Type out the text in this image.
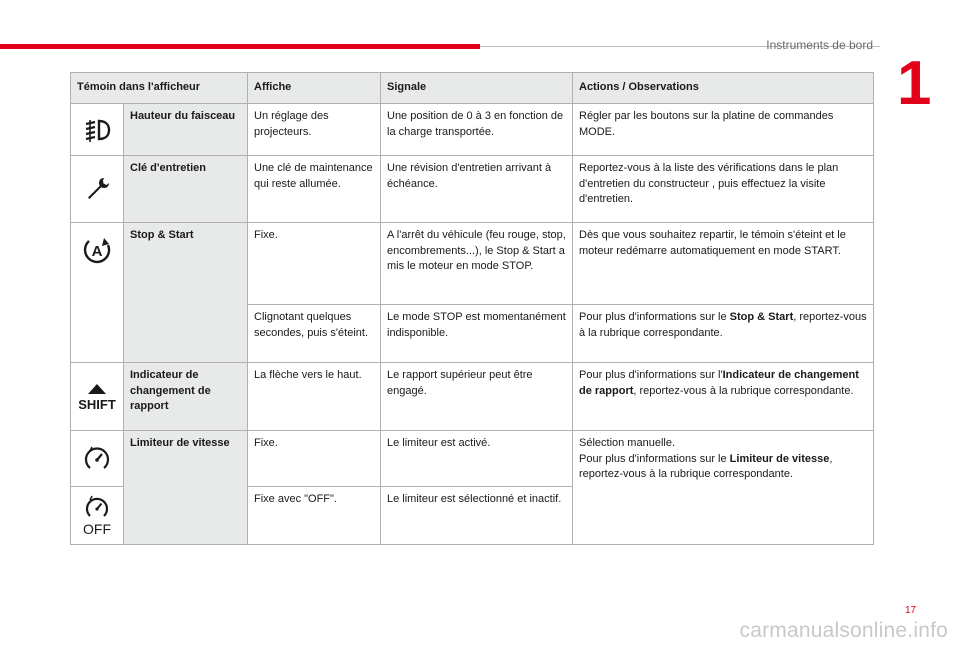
Instruments de bord
1
Témoin dans l'afficheur		Affiche	Signale	Actions / Observations

	Hauteur du faisceau	Un réglage des projecteurs.	Une position de 0 à 3 en fonction de la charge transportée.	Régler par les boutons sur la platine de commandes MODE.

	Clé d'entretien	Une clé de maintenance qui reste allumée.	Une révision d'entretien arrivant à échéance.	Reportez-vous à la liste des vérifications dans le plan d'entretien du constructeur , puis effectuez la visite d'entretien.

A	Stop & Start	Fixe.	A l'arrêt du véhicule (feu rouge, stop, encombrements...), le Stop & Start a mis le moteur en mode STOP.	Dès que vous souhaitez repartir, le témoin s'éteint et le moteur redémarre automatiquement en mode START.
		Clignotant quelques secondes, puis s'éteint.	Le mode STOP est momentanément indisponible.	Pour plus d'informations sur le Stop & Start, reportez-vous à la rubrique correspondante.

SHIFT	Indicateur de changement de rapport	La flèche vers le haut.	Le rapport supérieur peut être engagé.	Pour plus d'informations sur l'Indicateur de changement de rapport, reportez-vous à la rubrique correspondante.

	Limiteur de vitesse	Fixe.	Le limiteur est activé.	Sélection manuelle.
Pour plus d'informations sur le Limiteur de vitesse, reportez-vous à la rubrique correspondante.

OFF		Fixe avec "OFF".	Le limiteur est sélectionné et inactif.	
17
carmanualsonline.info
